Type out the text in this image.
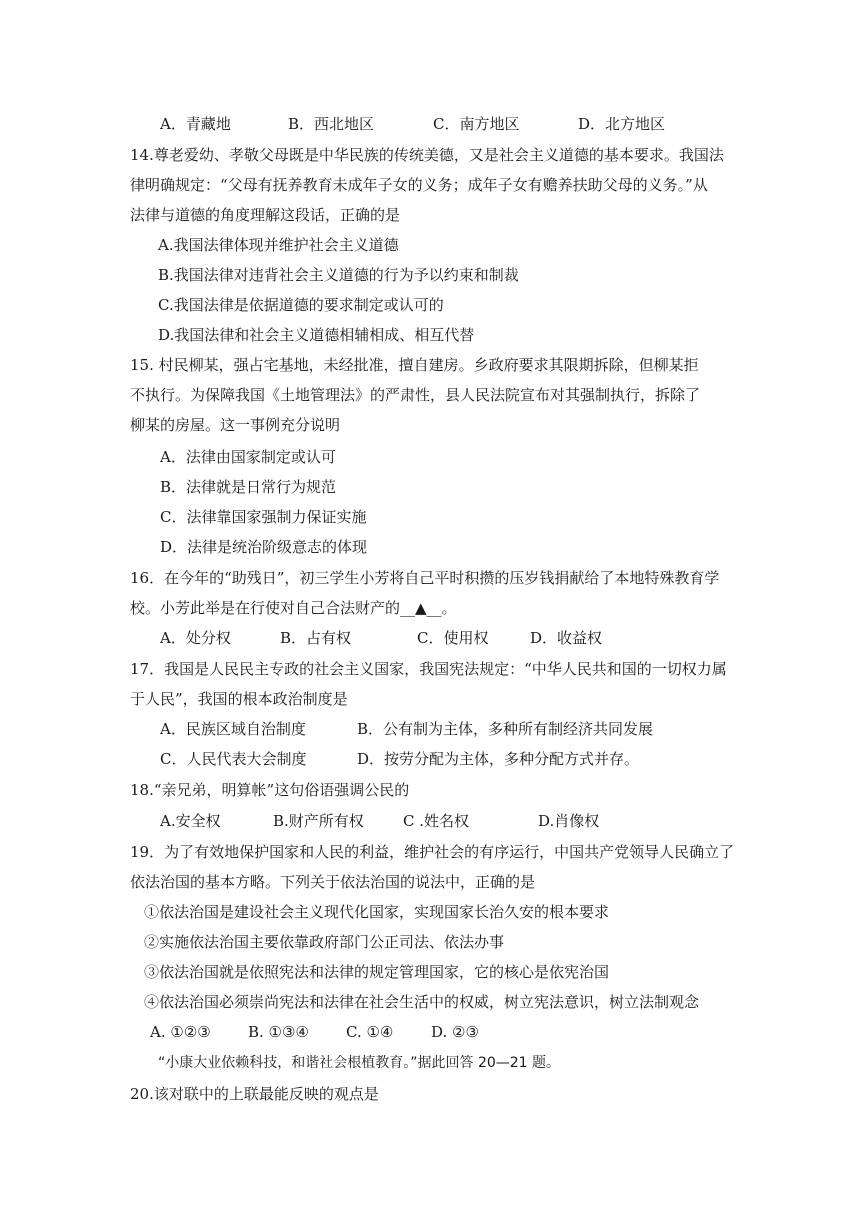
A．青藏地	B．西北地区	C．南方地区	D．北方地区
14.尊老爱幼、孝敬父母既是中华民族的传统美德，又是社会主义道德的基本要求。我国法
律明确规定：“父母有抚养教育未成年子女的义务；成年子女有赡养扶助父母的义务。”从
法律与道德的角度理解这段话，正确的是
A.我国法律体现并维护社会主义道德
B.我国法律对违背社会主义道德的行为予以约束和制裁
C.我国法律是依据道德的要求制定或认可的
D.我国法律和社会主义道德相辅相成、相互代替
15. 村民柳某，强占宅基地，未经批准，擅自建房。乡政府要求其限期拆除，但柳某拒
不执行。为保障我国《土地管理法》的严肃性，县人民法院宣布对其强制执行，拆除了
柳某的房屋。这一事例充分说明
A．法律由国家制定或认可
B．法律就是日常行为规范
C．法律靠国家强制力保证实施
D．法律是统治阶级意志的体现
16．在今年的“助残日”，初三学生小芳将自己平时积攒的压岁钱捐献给了本地特殊教育学
校。小芳此举是在行使对自己合法财产的__▲__。
A．处分权	B．占有权	C．使用权	D．收益权
17．我国是人民民主专政的社会主义国家，我国宪法规定：“中华人民共和国的一切权力属
于人民”，我国的根本政治制度是
A．民族区域自治制度	B．公有制为主体，多种所有制经济共同发展
C．人民代表大会制度	D．按劳分配为主体，多种分配方式并存。
18.“亲兄弟，明算帐”这句俗语强调公民的
A.安全权	B.财产所有权	C .姓名权	D.肖像权
19．为了有效地保护国家和人民的利益，维护社会的有序运行，中国共产党领导人民确立了
依法治国的基本方略。下列关于依法治国的说法中，正确的是
①依法治国是建设社会主义现代化国家，实现国家长治久安的根本要求
②实施依法治国主要依靠政府部门公正司法、依法办事
③依法治国就是依照宪法和法律的规定管理国家，它的核心是依宪治国
④依法治国必须崇尚宪法和法律在社会生活中的权威，树立宪法意识，树立法制观念
A. ①②③ B. ①③④ C. ①④	D. ②③
“小康大业依赖科技，和谐社会根植教育。”据此回答 20—21 题。
20.该对联中的上联最能反映的观点是
